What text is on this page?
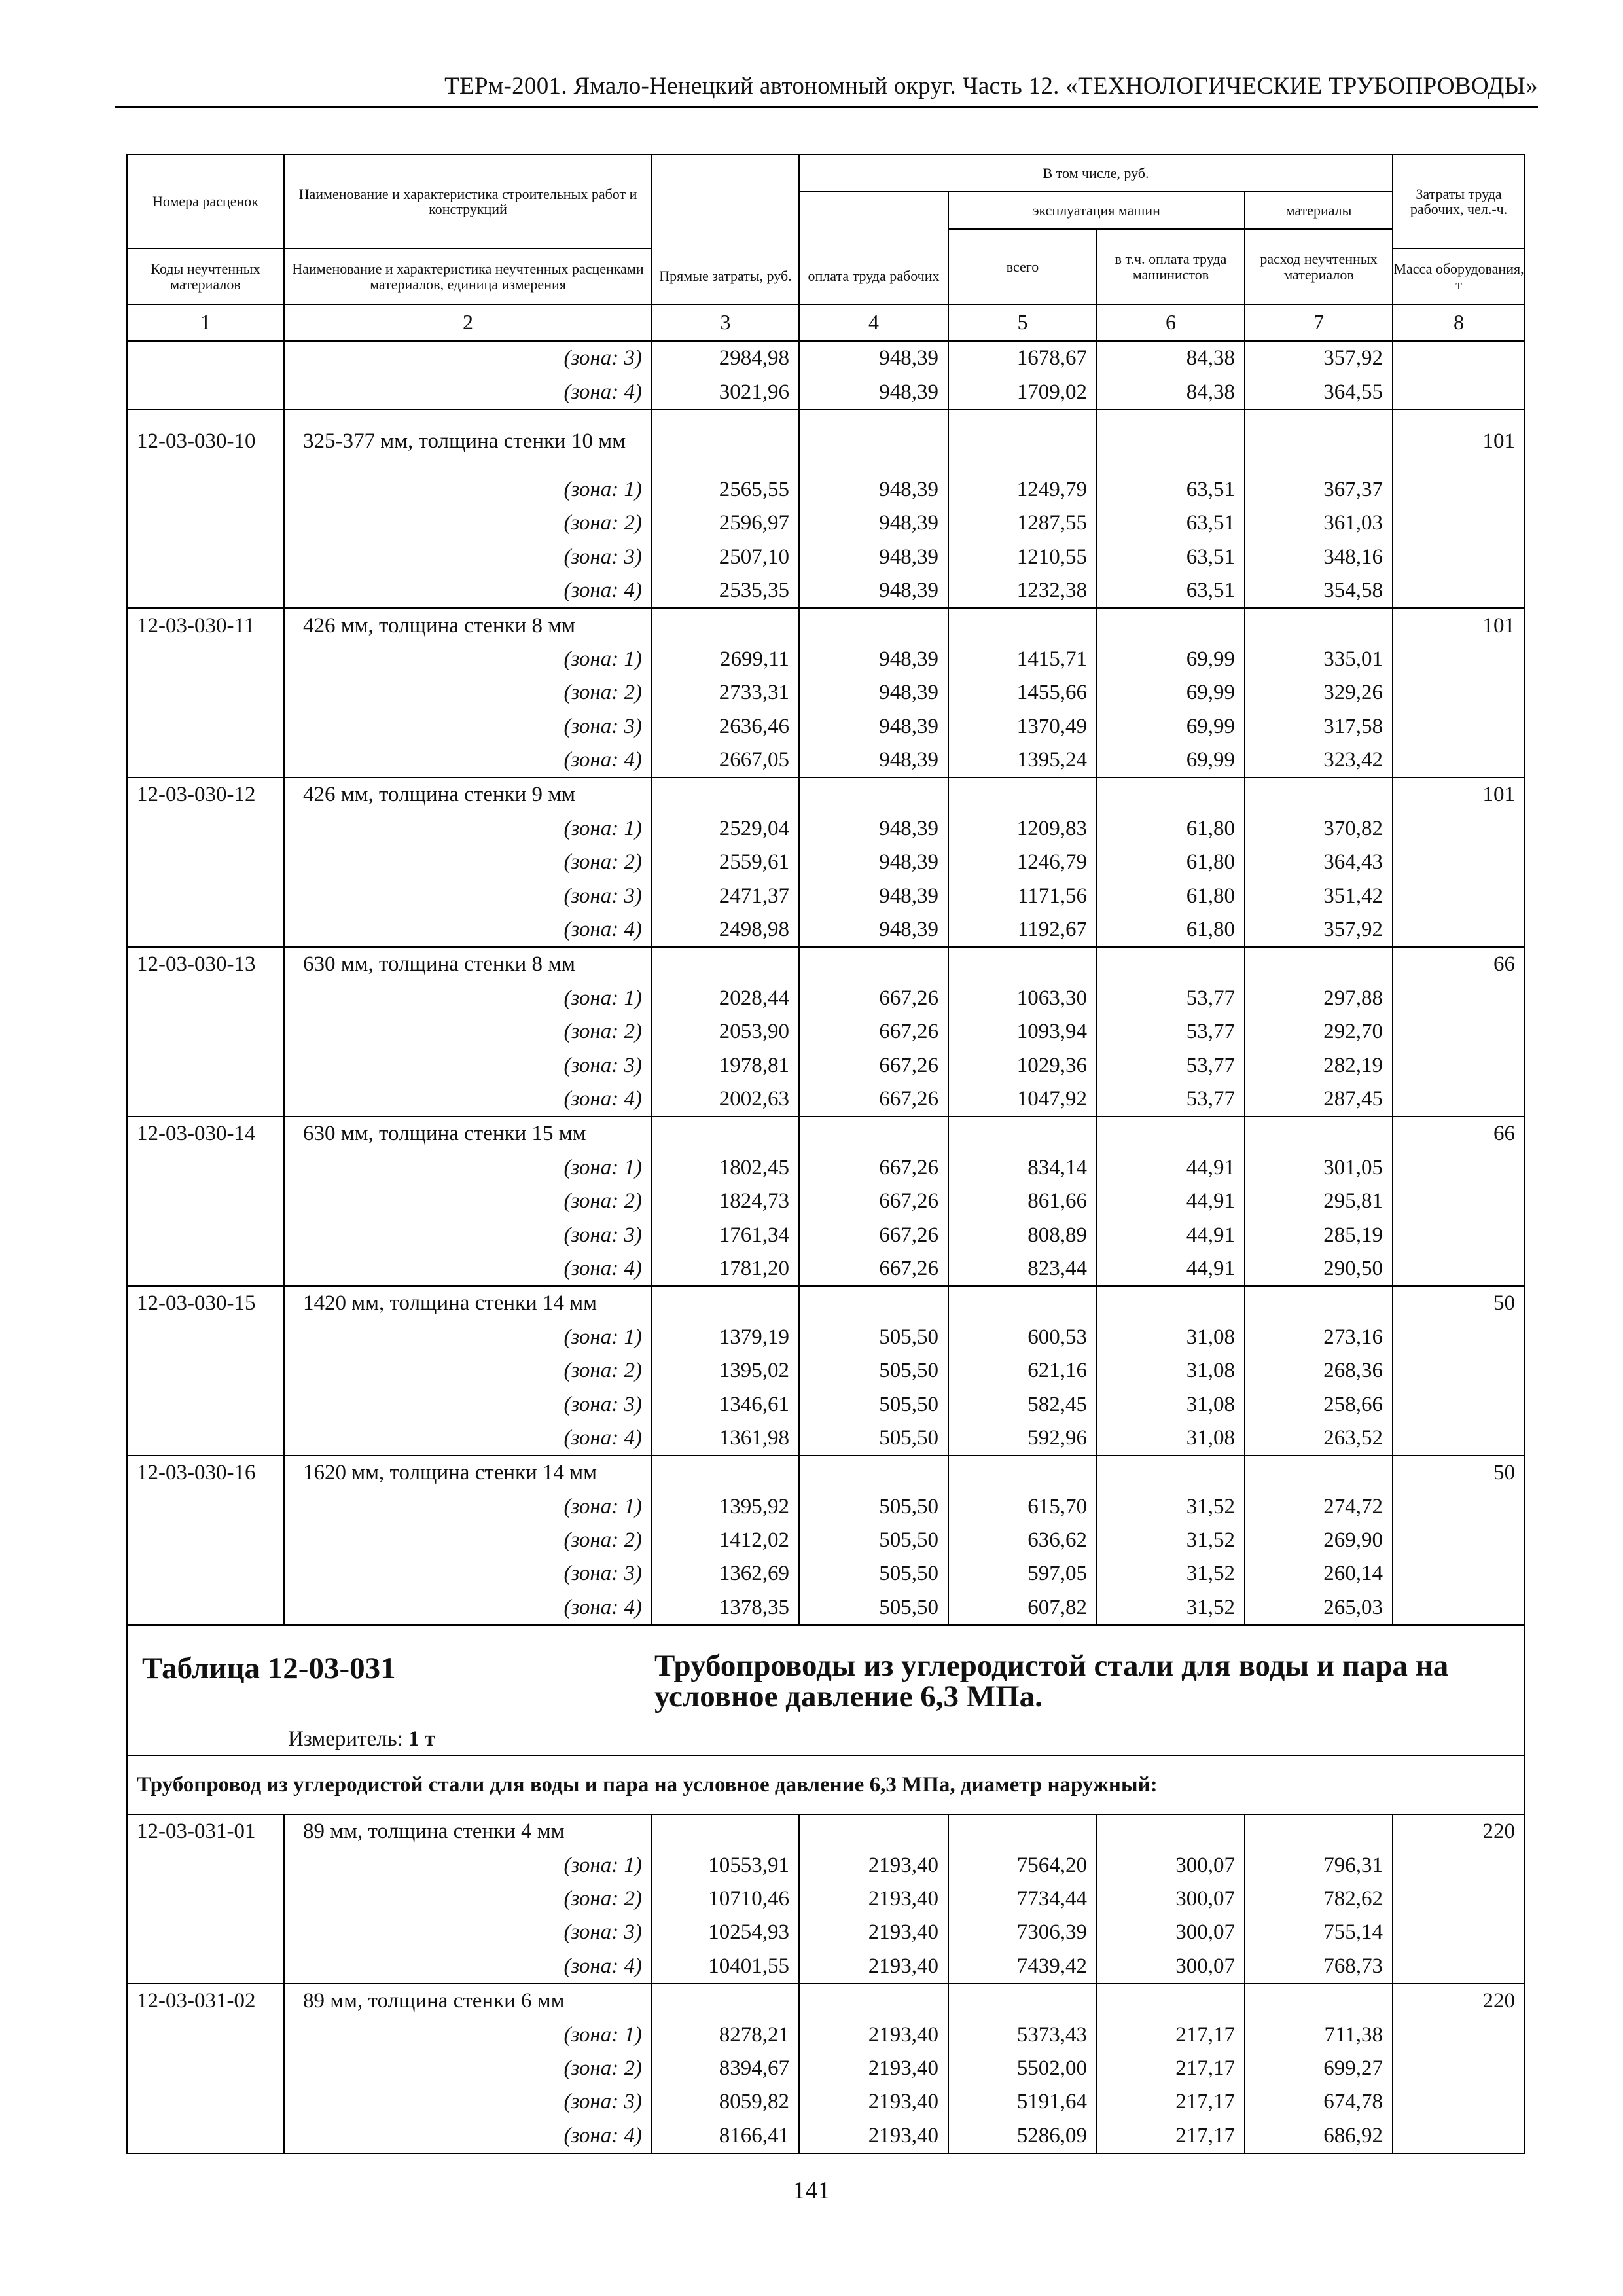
ТЕРм-2001. Ямало-Ненецкий автономный округ. Часть 12. «ТЕХНОЛОГИЧЕСКИЕ ТРУБОПРОВОДЫ»
Номера расценок	Наименование и характеристика строительных работ и конструкций		В том числе, руб.				Затраты труда рабочих, чел.-ч.
				эксплуатация машин		материалы	
				всего	в т.ч. оплата труда машинистов	расход неучтенных материалов	
Коды неучтенных материалов	Наименование и характеристика неучтенных расценками материалов, единица измерения	Прямые затраты, руб.	оплата труда рабочих				Масса оборудования, т
1	2	3	4	5	6	7	8
	(зона: 3)	2984,98	948,39	1678,67	84,38	357,92	
	(зона: 4)	3021,96	948,39	1709,02	84,38	364,55	
12-03-030-10	325-377 мм, толщина стенки 10 мм						101
	(зона: 1)	2565,55	948,39	1249,79	63,51	367,37	
	(зона: 2)	2596,97	948,39	1287,55	63,51	361,03	
	(зона: 3)	2507,10	948,39	1210,55	63,51	348,16	
	(зона: 4)	2535,35	948,39	1232,38	63,51	354,58	
12-03-030-11	426 мм, толщина стенки 8 мм						101
	(зона: 1)	2699,11	948,39	1415,71	69,99	335,01	
	(зона: 2)	2733,31	948,39	1455,66	69,99	329,26	
	(зона: 3)	2636,46	948,39	1370,49	69,99	317,58	
	(зона: 4)	2667,05	948,39	1395,24	69,99	323,42	
12-03-030-12	426 мм, толщина стенки 9 мм						101
	(зона: 1)	2529,04	948,39	1209,83	61,80	370,82	
	(зона: 2)	2559,61	948,39	1246,79	61,80	364,43	
	(зона: 3)	2471,37	948,39	1171,56	61,80	351,42	
	(зона: 4)	2498,98	948,39	1192,67	61,80	357,92	
12-03-030-13	630 мм, толщина стенки 8 мм						66
	(зона: 1)	2028,44	667,26	1063,30	53,77	297,88	
	(зона: 2)	2053,90	667,26	1093,94	53,77	292,70	
	(зона: 3)	1978,81	667,26	1029,36	53,77	282,19	
	(зона: 4)	2002,63	667,26	1047,92	53,77	287,45	
12-03-030-14	630 мм, толщина стенки 15 мм						66
	(зона: 1)	1802,45	667,26	834,14	44,91	301,05	
	(зона: 2)	1824,73	667,26	861,66	44,91	295,81	
	(зона: 3)	1761,34	667,26	808,89	44,91	285,19	
	(зона: 4)	1781,20	667,26	823,44	44,91	290,50	
12-03-030-15	1420 мм, толщина стенки 14 мм						50
	(зона: 1)	1379,19	505,50	600,53	31,08	273,16	
	(зона: 2)	1395,02	505,50	621,16	31,08	268,36	
	(зона: 3)	1346,61	505,50	582,45	31,08	258,66	
	(зона: 4)	1361,98	505,50	592,96	31,08	263,52	
12-03-030-16	1620 мм, толщина стенки 14 мм						50
	(зона: 1)	1395,92	505,50	615,70	31,52	274,72	
	(зона: 2)	1412,02	505,50	636,62	31,52	269,90	
	(зона: 3)	1362,69	505,50	597,05	31,52	260,14	
	(зона: 4)	1378,35	505,50	607,82	31,52	265,03	

Таблица 12-03-031 Трубопроводы из углеродистой стали для воды и пара на условное давление 6,3 МПа.
Измеритель: 1 т							

Трубопровод из углеродистой стали для воды и пара на условное давление 6,3 МПа, диаметр наружный:							

12-03-031-01	89 мм, толщина стенки 4 мм						220
	(зона: 1)	10553,91	2193,40	7564,20	300,07	796,31	
	(зона: 2)	10710,46	2193,40	7734,44	300,07	782,62	
	(зона: 3)	10254,93	2193,40	7306,39	300,07	755,14	
	(зона: 4)	10401,55	2193,40	7439,42	300,07	768,73	
12-03-031-02	89 мм, толщина стенки 6 мм						220
	(зона: 1)	8278,21	2193,40	5373,43	217,17	711,38	
	(зона: 2)	8394,67	2193,40	5502,00	217,17	699,27	
	(зона: 3)	8059,82	2193,40	5191,64	217,17	674,78	
	(зона: 4)	8166,41	2193,40	5286,09	217,17	686,92	
141
